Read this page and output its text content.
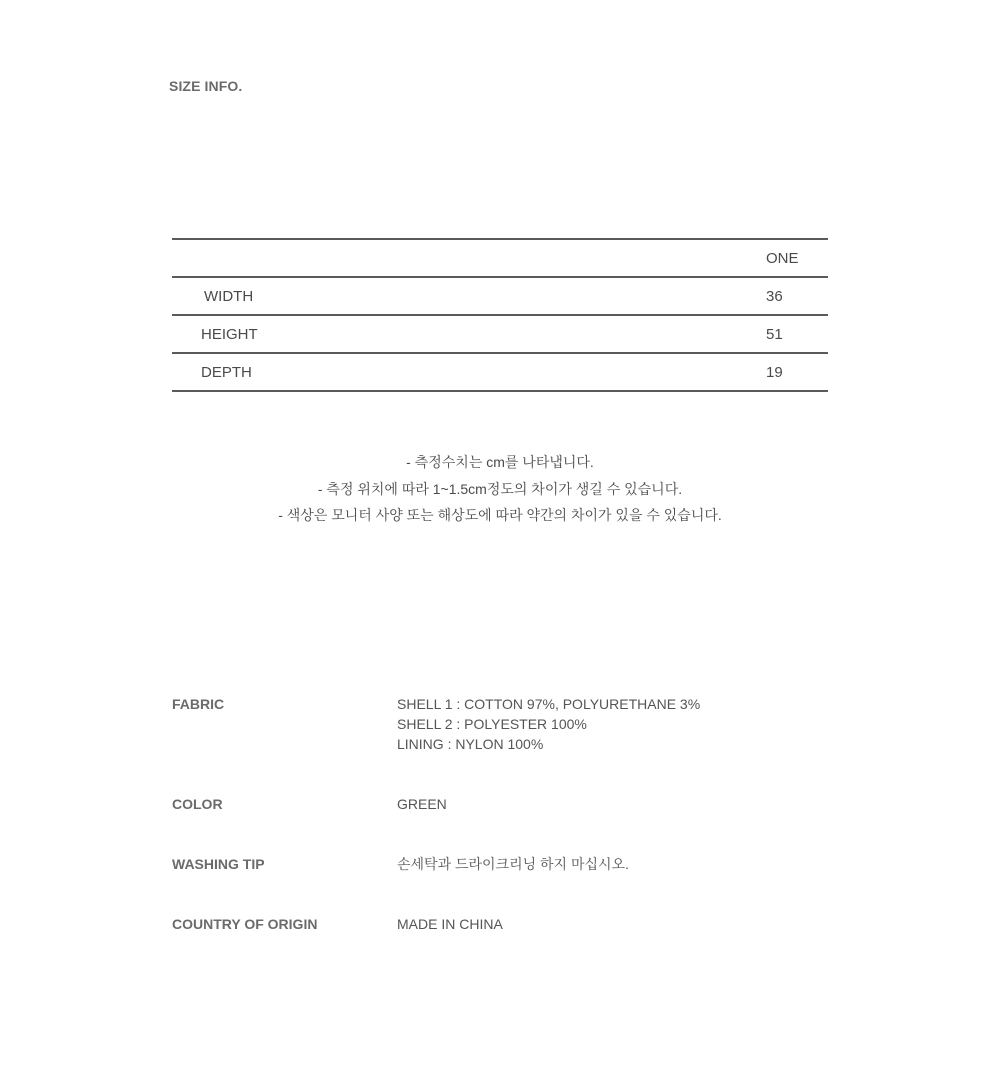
SIZE INFO.
	ONE
WIDTH	36
HEIGHT	51
DEPTH	19
- 측정수치는 cm를 나타냅니다.
- 측정 위치에 따라 1~1.5cm정도의 차이가 생길 수 있습니다.
- 색상은 모니터 사양 또는 해상도에 따라 약간의 차이가 있을 수 있습니다.
FABRIC	SHELL 1 : COTTON 97%, POLYURETHANE 3%
SHELL 2 : POLYESTER 100%
LINING : NYLON 100%
COLOR	GREEN
WASHING TIP	손세탁과 드라이크리닝 하지 마십시오.
COUNTRY OF ORIGIN	MADE IN CHINA
